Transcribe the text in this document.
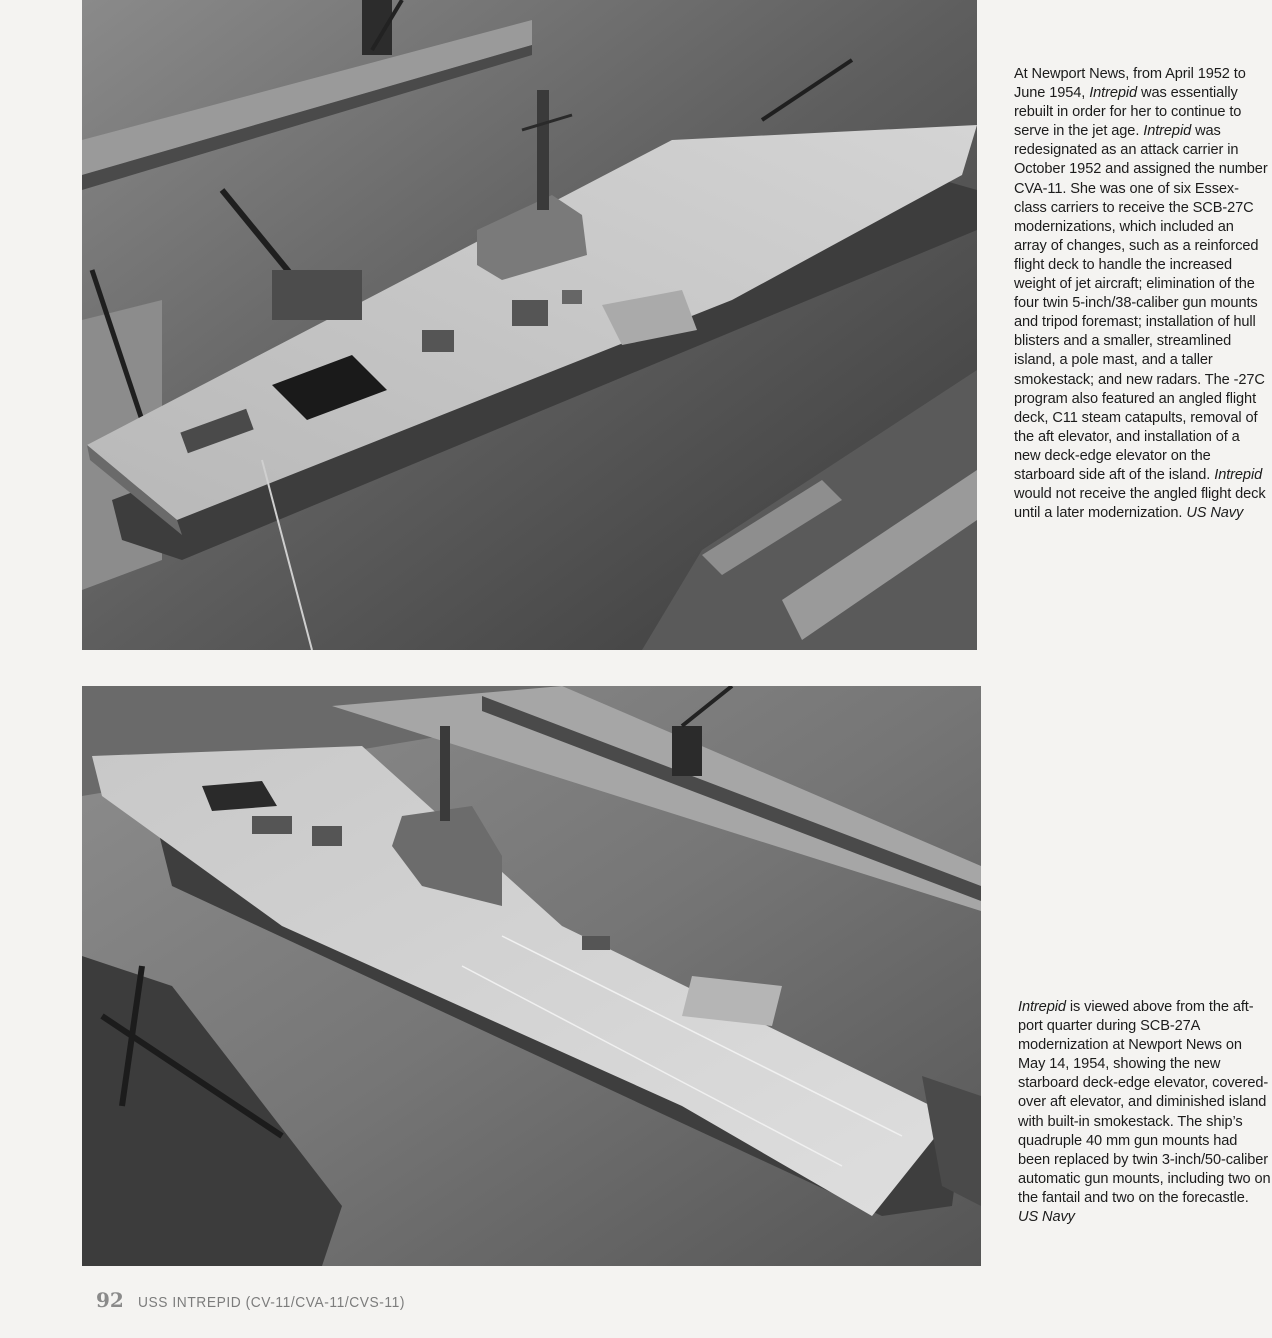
At Newport News, from April 1952 to June 1954, Intrepid was essentially rebuilt in order for her to continue to serve in the jet age. Intrepid was redesignated as an attack carrier in October 1952 and assigned the number CVA-11. She was one of six Essex-class carriers to receive the SCB-27C modernizations, which included an array of changes, such as a reinforced flight deck to handle the increased weight of jet aircraft; elimination of the four twin 5-inch/38-caliber gun mounts and tripod foremast; installation of hull blisters and a smaller, streamlined island, a pole mast, and a taller smokestack; and new radars. The -27C program also featured an angled flight deck, C11 steam catapults, removal of the aft elevator, and installation of a new deck-edge elevator on the starboard side aft of the island. Intrepid would not receive the angled flight deck until a later modernization. US Navy

Intrepid is viewed above from the aft-port quarter during SCB-27A modernization at Newport News on May 14, 1954, showing the new starboard deck-edge elevator, covered-over aft elevator, and diminished island with built-in smokestack. The ship’s quadruple 40 mm gun mounts had been replaced by twin 3-inch/50-caliber automatic gun mounts, including two on the fantail and two on the forecastle. US Navy

92 USS INTREPID (CV-11/CVA-11/CVS-11)
